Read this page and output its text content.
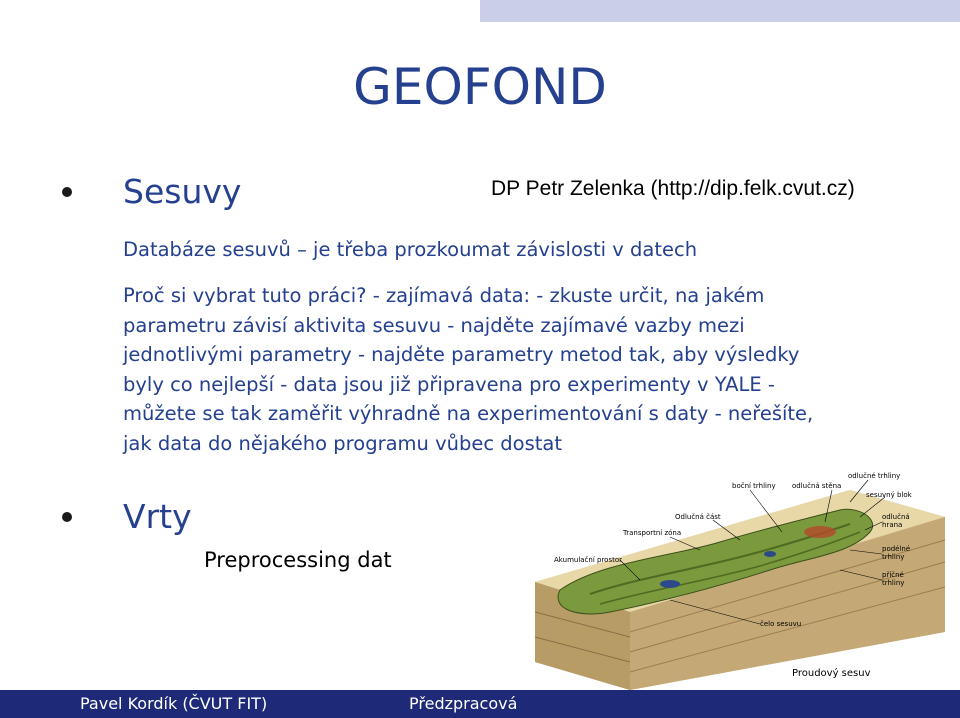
GEOFOND
Sesuvy	DP Petr Zelenka (http://dip.felk.cvut.cz)
Databáze sesuvů – je třeba prozkoumat závislosti v datech
Proč si vybrat tuto práci? - zajímavá data: - zkuste určit, na jakém
parametru závisí aktivita sesuvu - najděte zajímavé vazby mezi
jednotlivými parametry - najděte parametry metod tak, aby výsledky
byly co nejlepší - data jsou již připravena pro experimenty v YALE -
můžete se tak zaměřit výhradně na experimentování s daty - neřešíte,
jak data do nějakého programu vůbec dostat
Vrty
Preprocessing dat
odlučné trhliny
boční trhliny odlučná stěna
sesuvný blok
Odlučná část	odlučná
hrana
Transportní zóna
podélné
trhliny
Akumulační prostor
příčné
trhliny
čelo sesuvu
Proudový sesuv
Pavel Kordík (ČVUT FIT)	Předzpracová
